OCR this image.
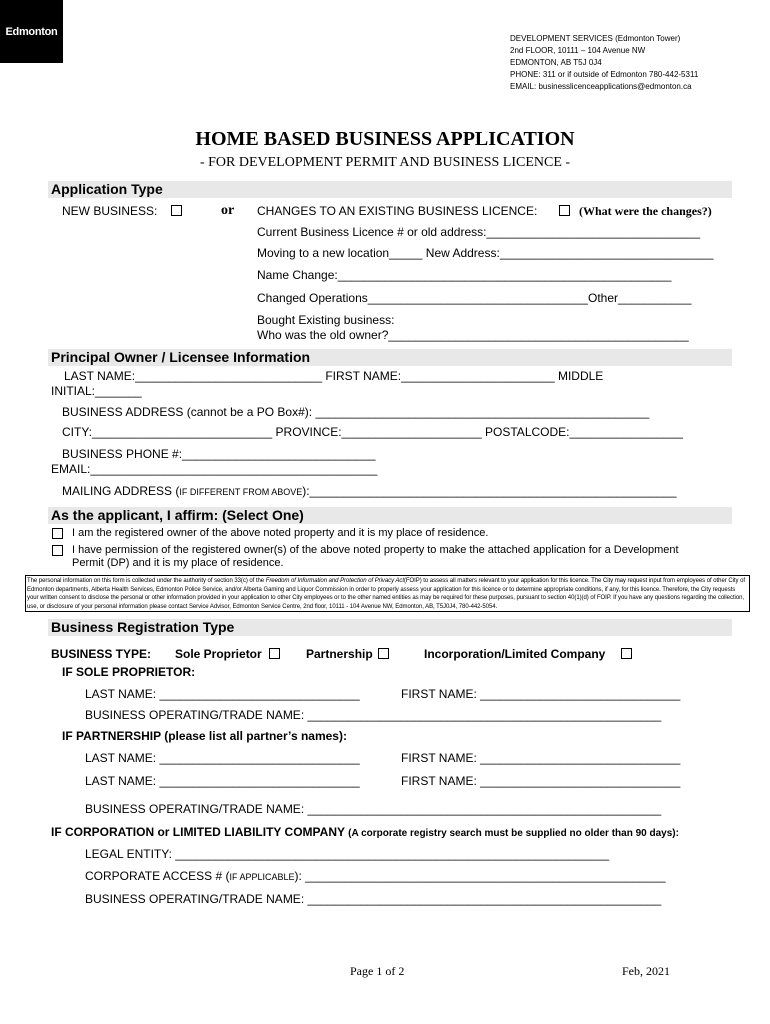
Edmonton
DEVELOPMENT SERVICES (Edmonton Tower)
2nd FLOOR, 10111 – 104 Avenue NW
EDMONTON, AB T5J 0J4
PHONE: 311 or if outside of Edmonton 780-442-5311
EMAIL: businesslicenceapplications@edmonton.ca
HOME BASED BUSINESS APPLICATION
- FOR DEVELOPMENT PERMIT AND BUSINESS LICENCE -
Application Type
NEW BUSINESS:	or CHANGES TO AN EXISTING BUSINESS LICENCE:	(What were the changes?)
Current Business Licence # or old address:________________________________
Moving to a new location_____ New Address:________________________________
Name Change:__________________________________________________
Changed Operations_________________________________Other___________
Bought Existing business:
Who was the old owner?_____________________________________________
Principal Owner / Licensee Information
LAST NAME:____________________________ FIRST NAME:_______________________ MIDDLE
INITIAL:_______
BUSINESS ADDRESS (cannot be a PO Box#): __________________________________________________
CITY:___________________________ PROVINCE:_____________________ POSTALCODE:_________________
BUSINESS PHONE #:_____________________________
EMAIL:___________________________________________
MAILING ADDRESS (IF DIFFERENT FROM ABOVE):_______________________________________________________
As the applicant, I affirm: (Select One)
I am the registered owner of the above noted property and it is my place of residence.
I have permission of the registered owner(s) of the above noted property to make the attached application for a Development
Permit (DP) and it is my place of residence.
The personal information on this form is collected under the authority of section 33(c) of the Freedom of Information and Protection of Privacy Act(FOIP) to assess all matters relevant to your application for this licence. The City may request input from employees of other City of Edmonton departments, Alberta Health Services, Edmonton Police Service, and/or Alberta Gaming and Liquor Commission in order to properly assess your application for this licence or to determine appropriate conditions, if any, for this licence. Therefore, the City requests your written consent to disclose the personal or other information provided in your application to other City employees or to the other named entities as may be required for these purposes, pursuant to section 40(1)(d) of FOIP. If you have any questions regarding the collection, use, or disclosure of your personal information please contact Service Advisor, Edmonton Service Centre, 2nd floor, 10111 - 104 Avenue NW, Edmonton, AB, T5J0J4, 780-442-5054.
Business Registration Type
BUSINESS TYPE: Sole Proprietor	Partnership	Incorporation/Limited Company
IF SOLE PROPRIETOR:
LAST NAME: ______________________________	FIRST NAME: ______________________________
BUSINESS OPERATING/TRADE NAME: _____________________________________________________
IF PARTNERSHIP (please list all partner’s names):
LAST NAME: ______________________________	FIRST NAME: ______________________________
LAST NAME: ______________________________	FIRST NAME: ______________________________
BUSINESS OPERATING/TRADE NAME: _____________________________________________________
IF CORPORATION or LIMITED LIABILITY COMPANY (A corporate registry search must be supplied no older than 90 days):
LEGAL ENTITY: _________________________________________________________________
CORPORATE ACCESS # (IF APPLICABLE): ______________________________________________________
BUSINESS OPERATING/TRADE NAME: _____________________________________________________
Page 1 of 2	Feb, 2021
